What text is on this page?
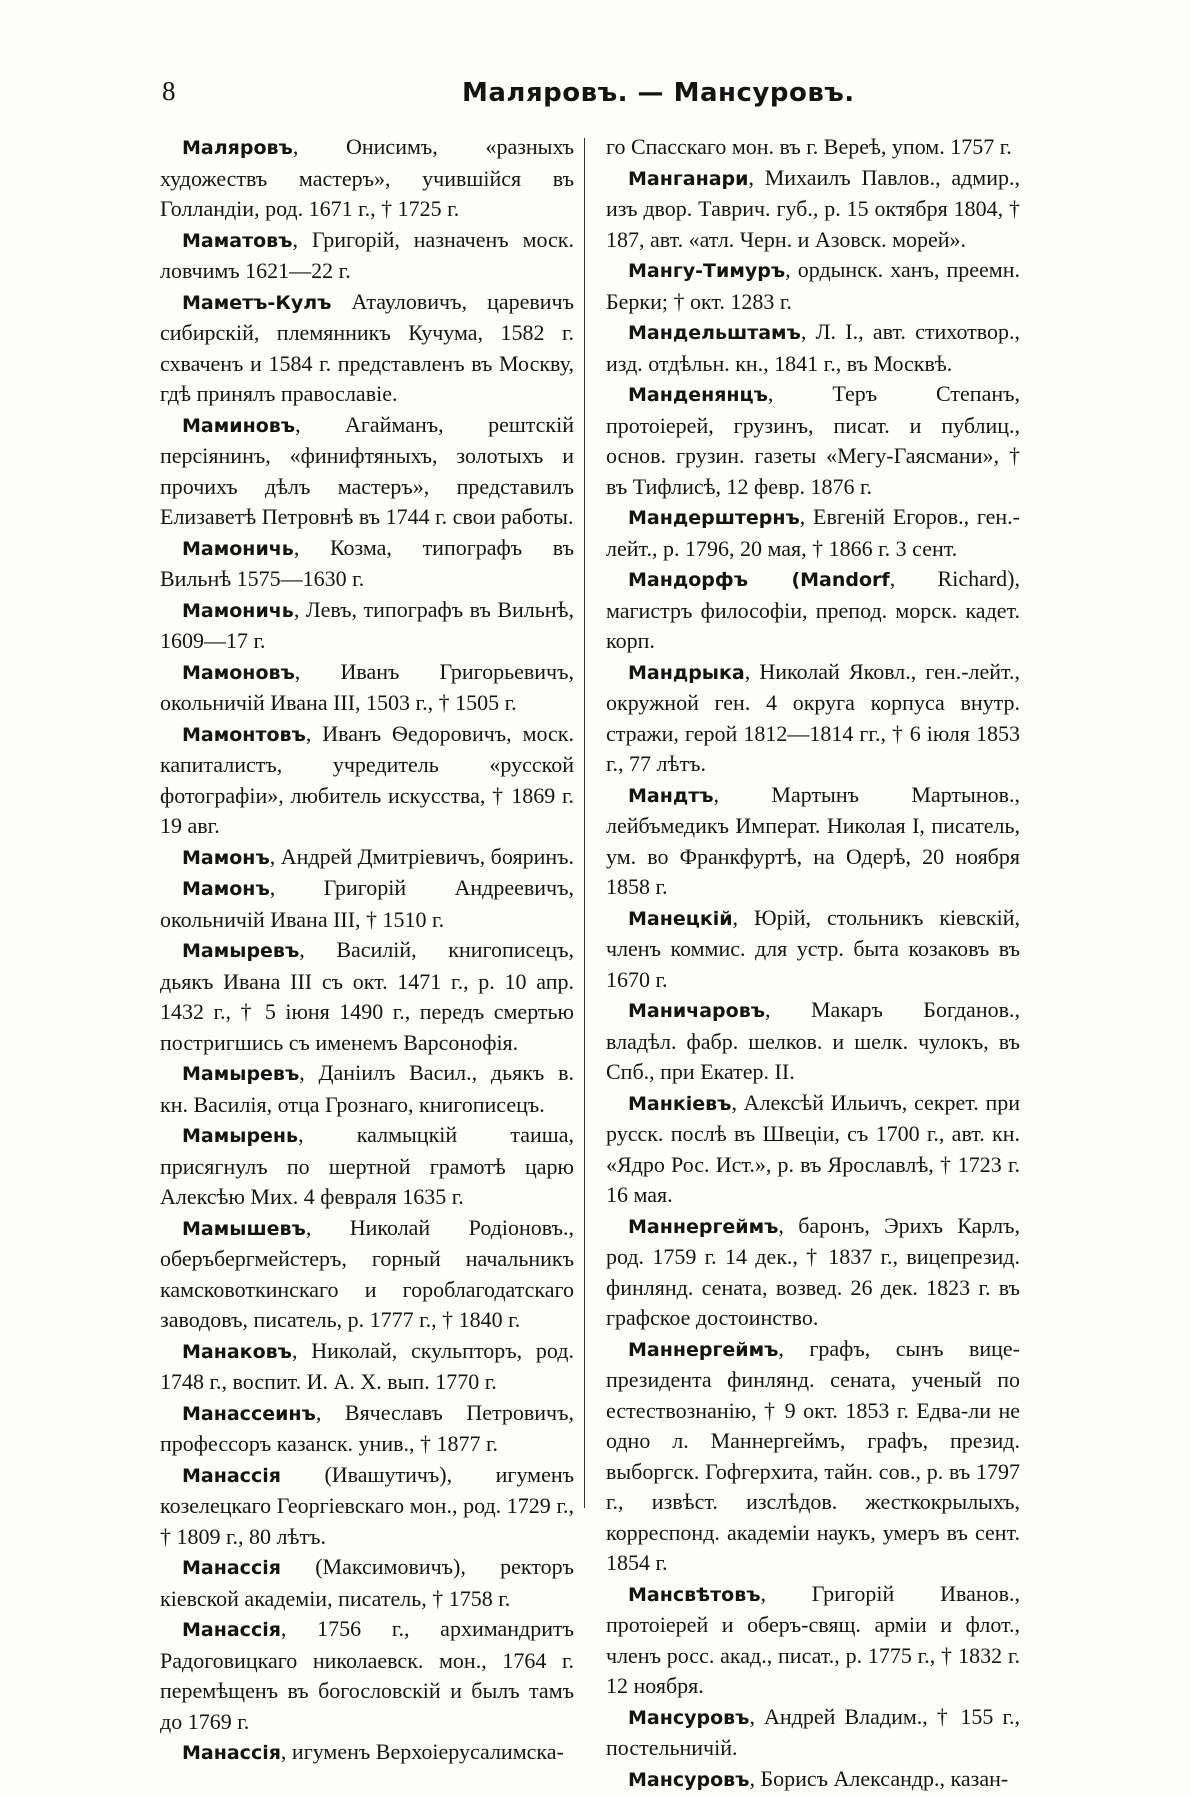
8	Маляровъ. — Мансуровъ.

Маляровъ, Онисимъ, «разныхъ художествъ мастеръ», учившійся въ Голландіи, род. 1671 г., † 1725 г.

Маматовъ, Григорій, назначенъ моск. ловчимъ 1621—22 г.

Маметъ-Кулъ Атауловичъ, царевичъ сибирскій, племянникъ Кучума, 1582 г. схваченъ и 1584 г. представленъ въ Москву, гдѣ принялъ православіе.

Маминовъ, Агайманъ, рештскій персіянинъ, «финифтяныхъ, золотыхъ и прочихъ дѣлъ мастеръ», представилъ Елизаветѣ Петровнѣ въ 1744 г. свои работы.

Мамоничь, Козма, типографъ въ Вильнѣ 1575—1630 г.

Мамоничь, Левъ, типографъ въ Вильнѣ, 1609—17 г.

Мамоновъ, Иванъ Григорьевичъ, окольничій Ивана III, 1503 г., † 1505 г.

Мамонтовъ, Иванъ Ѳедоровичъ, моск. капиталистъ, учредитель «русской фотографіи», любитель искусства, † 1869 г. 19 авг.

Мамонъ, Андрей Дмитріевичъ, бояринъ.

Мамонъ, Григорій Андреевичъ, окольничій Ивана III, † 1510 г.

Мамыревъ, Василій, книгописецъ, дьякъ Ивана III съ окт. 1471 г., р. 10 апр. 1432 г., † 5 іюня 1490 г., передъ смертью постригшись съ именемъ Варсонофія.

Мамыревъ, Даніилъ Васил., дьякъ в. кн. Василія, отца Грознаго, книгописецъ.

Мамырень, калмыцкій таиша, присягнулъ по шертной грамотѣ царю Алексѣю Мих. 4 февраля 1635 г.

Мамышевъ, Николай Родіоновъ., оберъбергмейстеръ, горный начальникъ камсковоткинскаго и гороблагодатскаго заводовъ, писатель, р. 1777 г., † 1840 г.

Манаковъ, Николай, скульпторъ, род. 1748 г., воспит. И. А. Х. вып. 1770 г.

Манассеинъ, Вячеславъ Петровичъ, профессоръ казанск. унив., † 1877 г.

Манассія (Ивашутичъ), игуменъ козелецкаго Георгіевскаго мон., род. 1729 г., † 1809 г., 80 лѣтъ.

Манассія (Максимовичъ), ректоръ кіевской академіи, писатель, † 1758 г.

Манассія, 1756 г., архимандритъ Радоговицкаго николаевск. мон., 1764 г. перемѣщенъ въ богословскій и былъ тамъ до 1769 г.

Манассія, игуменъ Верхоіерусалимска-

го Спасскаго мон. въ г. Вереѣ, упом. 1757 г.

Манганари, Михаилъ Павлов., адмир., изъ двор. Таврич. губ., р. 15 октября 1804, † 187, авт. «атл. Черн. и Азовск. морей».

Мангу-Тимуръ, ордынск. ханъ, преемн. Берки; † окт. 1283 г.

Мандельштамъ, Л. I., авт. стихотвор., изд. отдѣльн. кн., 1841 г., въ Москвѣ.

Манденянцъ, Теръ Степанъ, протоіерей, грузинъ, писат. и публиц., основ. грузин. газеты «Мегу-Гаясмани», † въ Тифлисѣ, 12 февр. 1876 г.

Мандерштернъ, Евгеній Егоров., ген.-лейт., р. 1796, 20 мая, † 1866 г. 3 сент.

Мандорфъ (Mandorf, Richard), магистръ философіи, препод. морск. кадет. корп.

Мандрыка, Николай Яковл., ген.-лейт., окружной ген. 4 округа корпуса внутр. стражи, герой 1812—1814 гг., † 6 іюля 1853 г., 77 лѣтъ.

Мандтъ, Мартынъ Мартынов., лейбъмедикъ Императ. Николая I, писатель, ум. во Франкфуртѣ, на Одерѣ, 20 ноября 1858 г.

Манецкій, Юрій, стольникъ кіевскій, членъ коммис. для устр. быта козаковъ въ 1670 г.

Маничаровъ, Макаръ Богданов., владѣл. фабр. шелков. и шелк. чулокъ, въ Спб., при Екатер. II.

Манкіевъ, Алексѣй Ильичъ, секрет. при русск. послѣ въ Швеціи, съ 1700 г., авт. кн. «Ядро Рос. Ист.», р. въ Ярославлѣ, † 1723 г. 16 мая.

Маннергеймъ, баронъ, Эрихъ Карлъ, род. 1759 г. 14 дек., † 1837 г., вицепрезид. финлянд. сената, возвед. 26 дек. 1823 г. въ графское достоинство.

Маннергеймъ, графъ, сынъ вице-президента финлянд. сената, ученый по естествознанію, † 9 окт. 1853 г. Едва-ли не одно л. Маннергеймъ, графъ, презид. выборгск. Гофгерхита, тайн. сов., р. въ 1797 г., извѣст. изслѣдов. жесткокрылыхъ, корреспонд. академіи наукъ, умеръ въ сент. 1854 г.

Мансвѣтовъ, Григорій Иванов., протоіерей и оберъ-свящ. арміи и флот., членъ росс. акад., писат., р. 1775 г., † 1832 г. 12 ноября.

Мансуровъ, Андрей Владим., † 155 г., постельничій.

Мансуровъ, Борисъ Александр., казан-
